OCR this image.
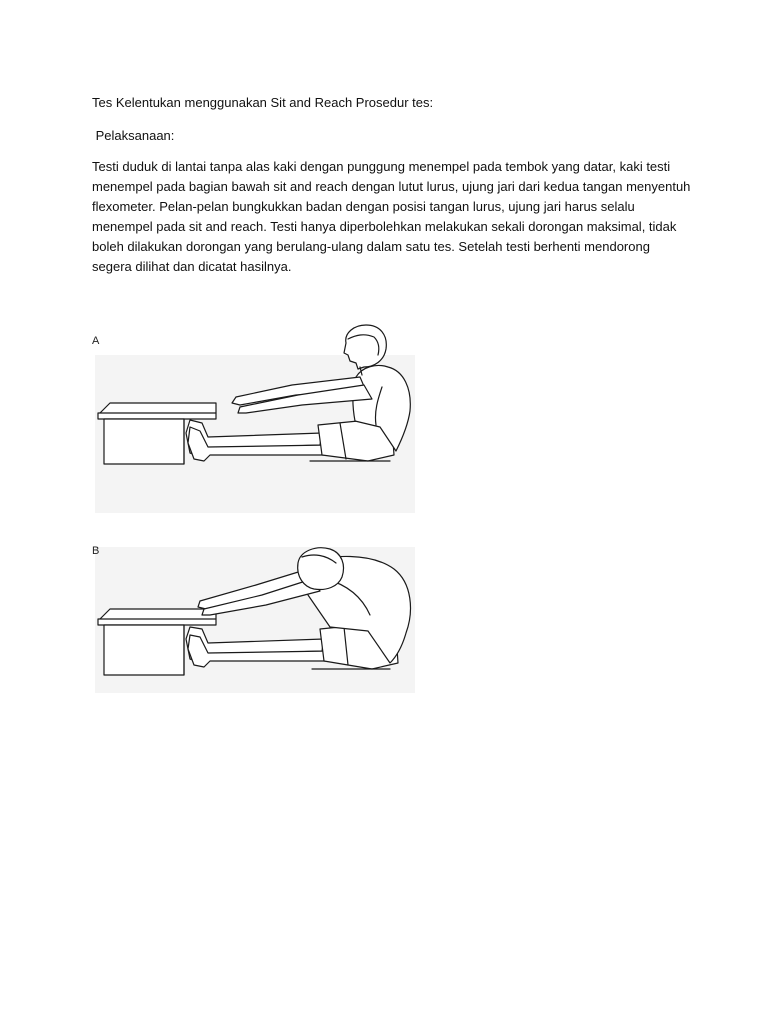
Tes Kelentukan menggunakan Sit and Reach Prosedur tes:

Pelaksanaan:

Testi duduk di lantai tanpa alas kaki dengan punggung menempel pada tembok yang datar, kaki testi menempel pada bagian bawah sit and reach dengan lutut lurus, ujung jari dari kedua tangan menyentuh flexometer. Pelan-pelan bungkukkan badan dengan posisi tangan lurus, ujung jari harus selalu menempel pada sit and reach. Testi hanya diperbolehkan melakukan sekali dorongan maksimal, tidak boleh dilakukan dorongan yang berulang-ulang dalam satu tes. Setelah testi berhenti mendorong segera dilihat dan dicatat hasilnya.

A

B
